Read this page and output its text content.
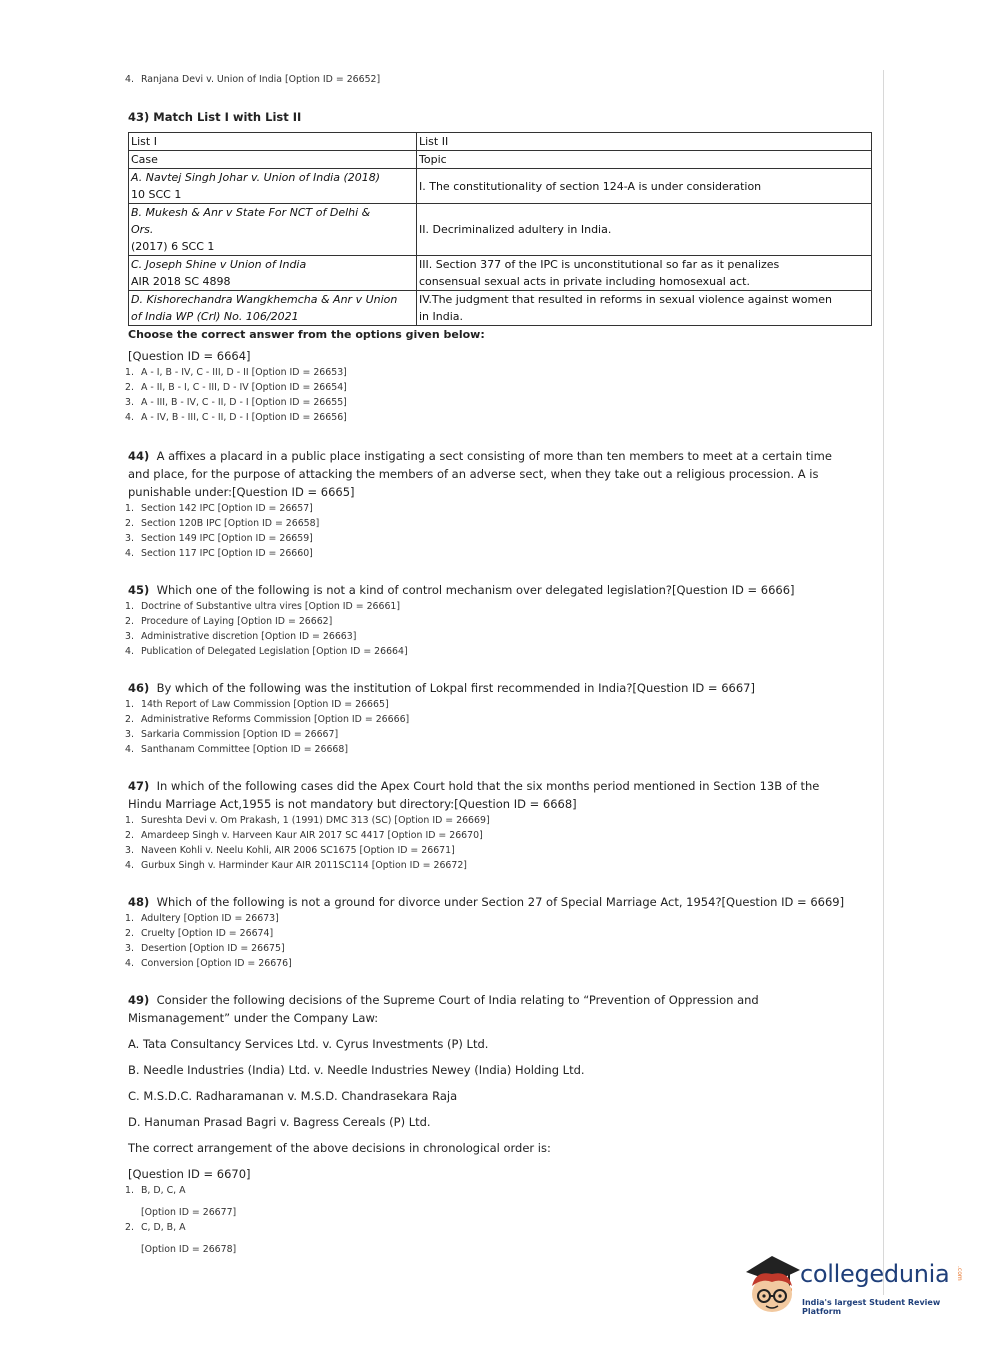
4. Ranjana Devi v. Union of India [Option ID = 26652]
43) Match List I with List II
List I	List II
Case	Topic
A. Navtej Singh Johar v. Union of India (2018)
10 SCC 1	I. The constitutionality of section 124-A is under consideration
B. Mukesh & Anr v State For NCT of Delhi &
Ors.
(2017) 6 SCC 1	II. Decriminalized adultery in India.
C. Joseph Shine v Union of India
AIR 2018 SC 4898	III. Section 377 of the IPC is unconstitutional so far as it penalizes
consensual sexual acts in private including homosexual act.
D. Kishorechandra Wangkhemcha & Anr v Union
of India WP (Crl) No. 106/2021	IV.The judgment that resulted in reforms in sexual violence against women
in India.
Choose the correct answer from the options given below:
[Question ID = 6664]
1. A - I, B - IV, C - III, D - II [Option ID = 26653]
2. A - II, B - I, C - III, D - IV [Option ID = 26654]
3. A - III, B - IV, C - II, D - I [Option ID = 26655]
4. A - IV, B - III, C - II, D - I [Option ID = 26656]
44) A affixes a placard in a public place instigating a sect consisting of more than ten members to meet at a certain time
and place, for the purpose of attacking the members of an adverse sect, when they take out a religious procession. A is
punishable under:[Question ID = 6665]
1. Section 142 IPC [Option ID = 26657]
2. Section 120B IPC [Option ID = 26658]
3. Section 149 IPC [Option ID = 26659]
4. Section 117 IPC [Option ID = 26660]
45) Which one of the following is not a kind of control mechanism over delegated legislation?[Question ID = 6666]
1. Doctrine of Substantive ultra vires [Option ID = 26661]
2. Procedure of Laying [Option ID = 26662]
3. Administrative discretion [Option ID = 26663]
4. Publication of Delegated Legislation [Option ID = 26664]
46) By which of the following was the institution of Lokpal first recommended in India?[Question ID = 6667]
1. 14th Report of Law Commission [Option ID = 26665]
2. Administrative Reforms Commission [Option ID = 26666]
3. Sarkaria Commission [Option ID = 26667]
4. Santhanam Committee [Option ID = 26668]
47) In which of the following cases did the Apex Court hold that the six months period mentioned in Section 13B of the
Hindu Marriage Act,1955 is not mandatory but directory:[Question ID = 6668]
1. Sureshta Devi v. Om Prakash, 1 (1991) DMC 313 (SC) [Option ID = 26669]
2. Amardeep Singh v. Harveen Kaur AIR 2017 SC 4417 [Option ID = 26670]
3. Naveen Kohli v. Neelu Kohli, AIR 2006 SC1675 [Option ID = 26671]
4. Gurbux Singh v. Harminder Kaur AIR 2011SC114 [Option ID = 26672]
48) Which of the following is not a ground for divorce under Section 27 of Special Marriage Act, 1954?[Question ID = 6669]
1. Adultery [Option ID = 26673]
2. Cruelty [Option ID = 26674]
3. Desertion [Option ID = 26675]
4. Conversion [Option ID = 26676]
49) Consider the following decisions of the Supreme Court of India relating to “Prevention of Oppression and
Mismanagement” under the Company Law:
A. Tata Consultancy Services Ltd. v. Cyrus Investments (P) Ltd.
B. Needle Industries (India) Ltd. v. Needle Industries Newey (India) Holding Ltd.
C. M.S.D.C. Radharamanan v. M.S.D. Chandrasekara Raja
D. Hanuman Prasad Bagri v. Bagress Cereals (P) Ltd.
The correct arrangement of the above decisions in chronological order is:
[Question ID = 6670]
1. B, D, C, A
[Option ID = 26677]
2. C, D, B, A
[Option ID = 26678]
collegedunia .com
India's largest Student Review Platform
